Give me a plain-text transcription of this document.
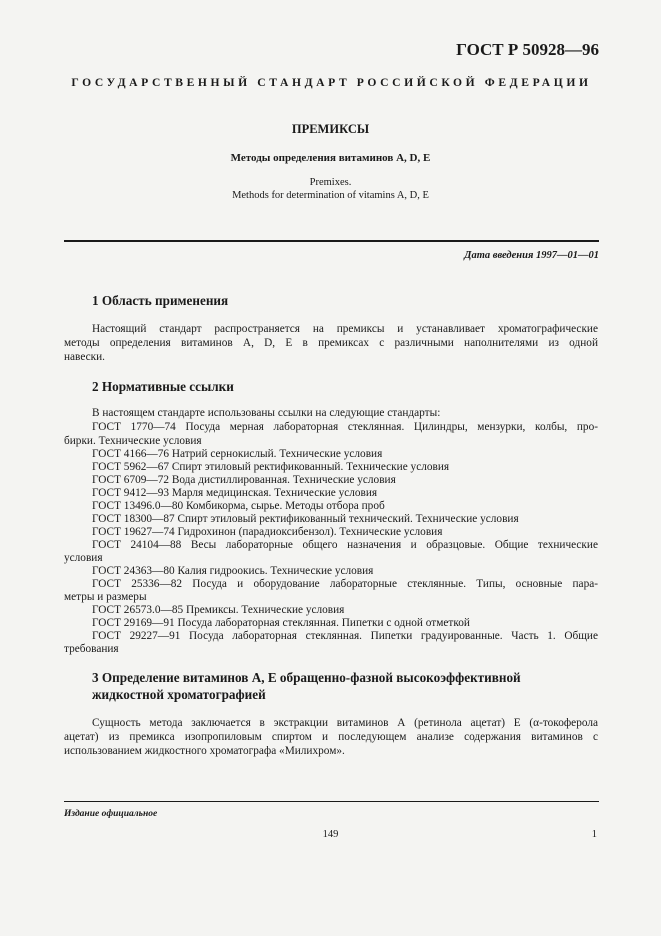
ГОСТ Р 50928—96
ГОСУДАРСТВЕННЫЙ СТАНДАРТ РОССИЙСКОЙ ФЕДЕРАЦИИ
ПРЕМИКСЫ
Методы определения витаминов А, D, Е
Premixes.
Methods for determination of vitamins A, D, E
Дата введения 1997—01—01
1 Область применения
Настоящий стандарт распространяется на премиксы и устанавливает хроматографические
методы определения витаминов А, D, Е в премиксах с различными наполнителями из одной
навески.
2 Нормативные ссылки
В настоящем стандарте использованы ссылки на следующие стандарты:
ГОСТ 1770—74 Посуда мерная лабораторная стеклянная. Цилиндры, мензурки, колбы, про-
бирки. Технические условия
ГОСТ 4166—76 Натрий сернокислый. Технические условия
ГОСТ 5962—67 Спирт этиловый ректификованный. Технические условия
ГОСТ 6709—72 Вода дистиллированная. Технические условия
ГОСТ 9412—93 Марля медицинская. Технические условия
ГОСТ 13496.0—80 Комбикорма, сырье. Методы отбора проб
ГОСТ 18300—87 Спирт этиловый ректификованный технический. Технические условия
ГОСТ 19627—74 Гидрохинон (парадиоксибензол). Технические условия
ГОСТ 24104—88 Весы лабораторные общего назначения и образцовые. Общие технические
условия
ГОСТ 24363—80 Калия гидроокись. Технические условия
ГОСТ 25336—82 Посуда и оборудование лабораторные стеклянные. Типы, основные пара-
метры и размеры
ГОСТ 26573.0—85 Премиксы. Технические условия
ГОСТ 29169—91 Посуда лабораторная стеклянная. Пипетки с одной отметкой
ГОСТ 29227—91 Посуда лабораторная стеклянная. Пипетки градуированные. Часть 1. Общие
требования
3 Определение витаминов А, Е обращенно-фазной высокоэффективной
жидкостной хроматографией
Сущность метода заключается в экстракции витаминов А (ретинола ацетат) Е (α-токоферола
ацетат) из премикса изопропиловым спиртом и последующем анализе содержания витаминов с
использованием жидкостного хроматографа «Милихром».
Издание официальное
149	1
